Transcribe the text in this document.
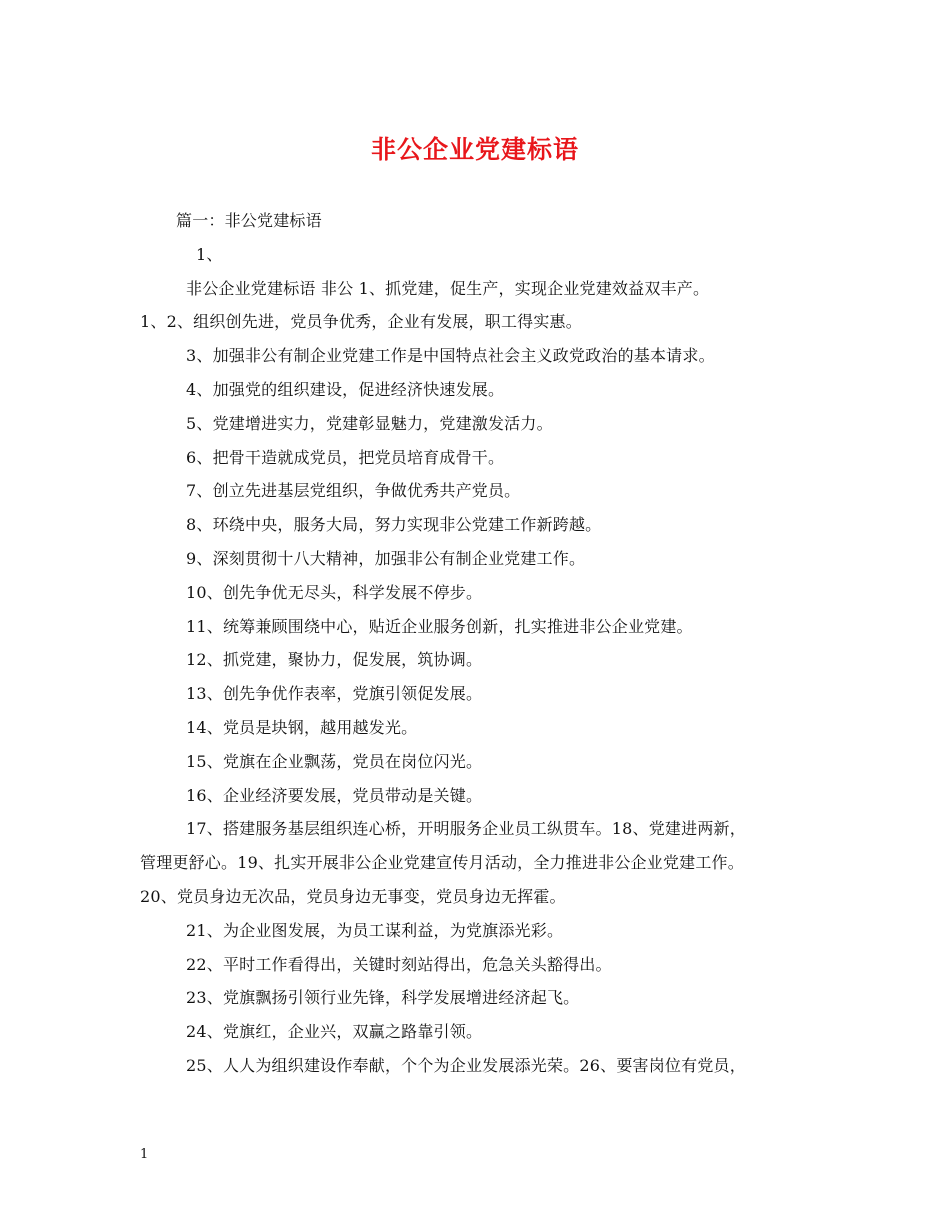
非公企业党建标语
篇一：非公党建标语
1、
非公企业党建标语 非公 1、抓党建，促生产，实现企业党建效益双丰产。
1、2、组织创先进，党员争优秀，企业有发展，职工得实惠。
3、加强非公有制企业党建工作是中国特点社会主义政党政治的基本请求。
4、加强党的组织建设，促进经济快速发展。
5、党建增进实力，党建彰显魅力，党建激发活力。
6、把骨干造就成党员，把党员培育成骨干。
7、创立先进基层党组织，争做优秀共产党员。
8、环绕中央，服务大局，努力实现非公党建工作新跨越。
9、深刻贯彻十八大精神，加强非公有制企业党建工作。
10、创先争优无尽头，科学发展不停步。
11、统筹兼顾围绕中心，贴近企业服务创新，扎实推进非公企业党建。
12、抓党建，聚协力，促发展，筑协调。
13、创先争优作表率，党旗引领促发展。
14、党员是块钢，越用越发光。
15、党旗在企业飘荡，党员在岗位闪光。
16、企业经济要发展，党员带动是关键。
17、搭建服务基层组织连心桥，开明服务企业员工纵贯车。18、党建进两新，
管理更舒心。19、扎实开展非公企业党建宣传月活动，全力推进非公企业党建工作。
20、党员身边无次品，党员身边无事变，党员身边无挥霍。
21、为企业图发展，为员工谋利益，为党旗添光彩。
22、平时工作看得出，关键时刻站得出，危急关头豁得出。
23、党旗飘扬引领行业先锋，科学发展增进经济起飞。
24、党旗红，企业兴，双赢之路靠引领。
25、人人为组织建设作奉献，个个为企业发展添光荣。26、要害岗位有党员，
1
